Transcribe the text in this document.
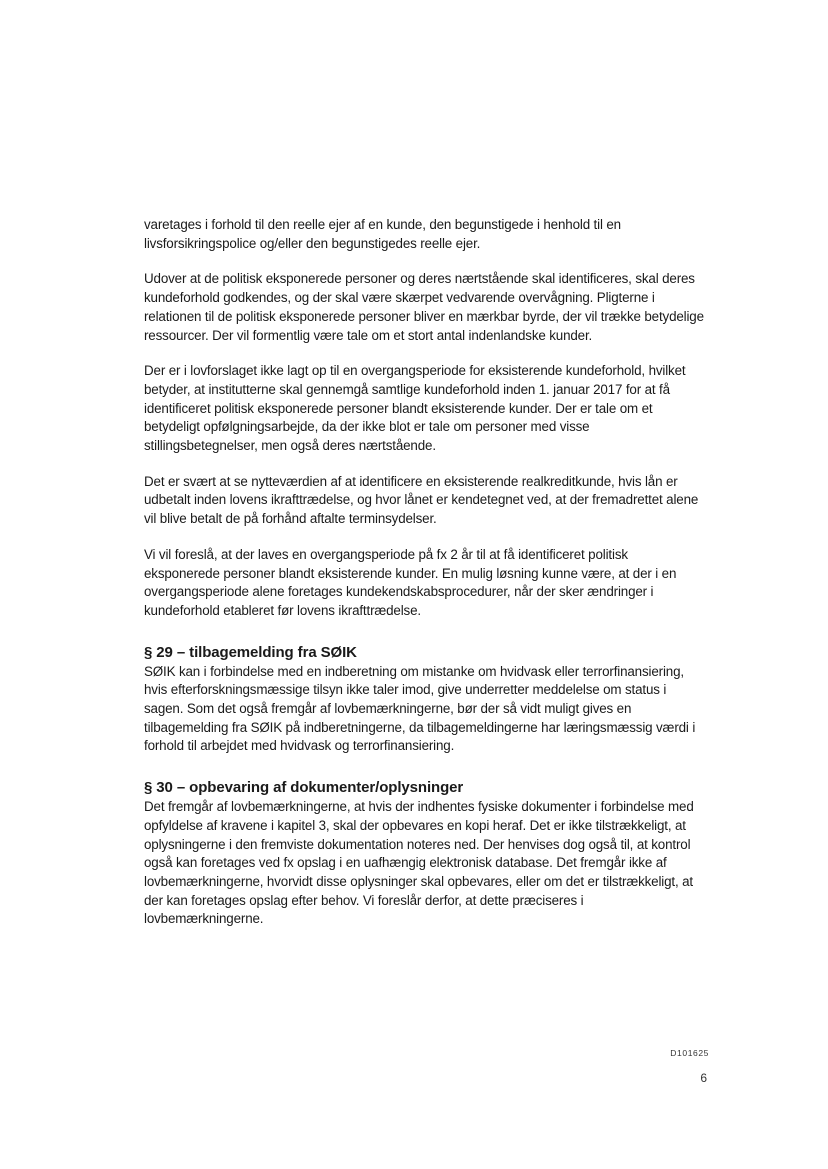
varetages i forhold til den reelle ejer af en kunde, den begunstigede i henhold til en livsforsikringspolice og/eller den begunstigedes reelle ejer.

Udover at de politisk eksponerede personer og deres nærtstående skal identificeres, skal deres kundeforhold godkendes, og der skal være skærpet vedvarende overvågning. Pligterne i relationen til de politisk eksponerede personer bliver en mærkbar byrde, der vil trække betydelige ressourcer. Der vil formentlig være tale om et stort antal indenlandske kunder.

Der er i lovforslaget ikke lagt op til en overgangsperiode for eksisterende kundeforhold, hvilket betyder, at institutterne skal gennemgå samtlige kundeforhold inden 1. januar 2017 for at få identificeret politisk eksponerede personer blandt eksisterende kunder. Der er tale om et betydeligt opfølgningsarbejde, da der ikke blot er tale om personer med visse stillingsbetegnelser, men også deres nærtstående.

Det er svært at se nytteværdien af at identificere en eksisterende realkreditkunde, hvis lån er udbetalt inden lovens ikrafttrædelse, og hvor lånet er kendetegnet ved, at der fremadrettet alene vil blive betalt de på forhånd aftalte terminsydelser.

Vi vil foreslå, at der laves en overgangsperiode på fx 2 år til at få identificeret politisk eksponerede personer blandt eksisterende kunder. En mulig løsning kunne være, at der i en overgangsperiode alene foretages kundekendskabsprocedurer, når der sker ændringer i kundeforhold etableret før lovens ikrafttrædelse.

§ 29 – tilbagemelding fra SØIK

SØIK kan i forbindelse med en indberetning om mistanke om hvidvask eller terrorfinansiering, hvis efterforskningsmæssige tilsyn ikke taler imod, give underretter meddelelse om status i sagen. Som det også fremgår af lovbemærkningerne, bør der så vidt muligt gives en tilbagemelding fra SØIK på indberetningerne, da tilbagemeldingerne har læringsmæssig værdi i forhold til arbejdet med hvidvask og terrorfinansiering.

§ 30 – opbevaring af dokumenter/oplysninger

Det fremgår af lovbemærkningerne, at hvis der indhentes fysiske dokumenter i forbindelse med opfyldelse af kravene i kapitel 3, skal der opbevares en kopi heraf. Det er ikke tilstrækkeligt, at oplysningerne i den fremviste dokumentation noteres ned. Der henvises dog også til, at kontrol også kan foretages ved fx opslag i en uafhængig elektronisk database. Det fremgår ikke af lovbemærkningerne, hvorvidt disse oplysninger skal opbevares, eller om det er tilstrækkeligt, at der kan foretages opslag efter behov. Vi foreslår derfor, at dette præciseres i lovbemærkningerne.

D101625
6
